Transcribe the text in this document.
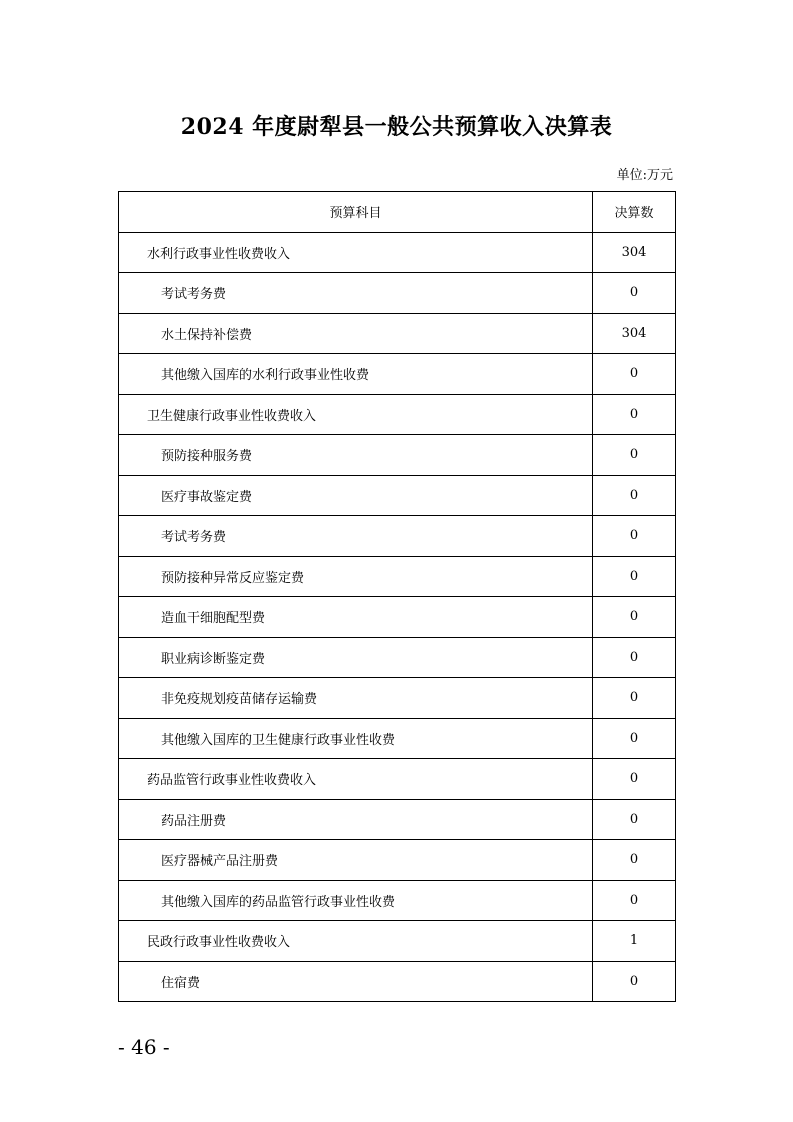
2024 年度尉犁县一般公共预算收入决算表
单位:万元
预算科目	决算数
水利行政事业性收费收入	304
考试考务费	0
水土保持补偿费	304
其他缴入国库的水利行政事业性收费	0
卫生健康行政事业性收费收入	0
预防接种服务费	0
医疗事故鉴定费	0
考试考务费	0
预防接种异常反应鉴定费	0
造血干细胞配型费	0
职业病诊断鉴定费	0
非免疫规划疫苗储存运输费	0
其他缴入国库的卫生健康行政事业性收费	0
药品监管行政事业性收费收入	0
药品注册费	0
医疗器械产品注册费	0
其他缴入国库的药品监管行政事业性收费	0
民政行政事业性收费收入	1
住宿费	0
- 46 -
